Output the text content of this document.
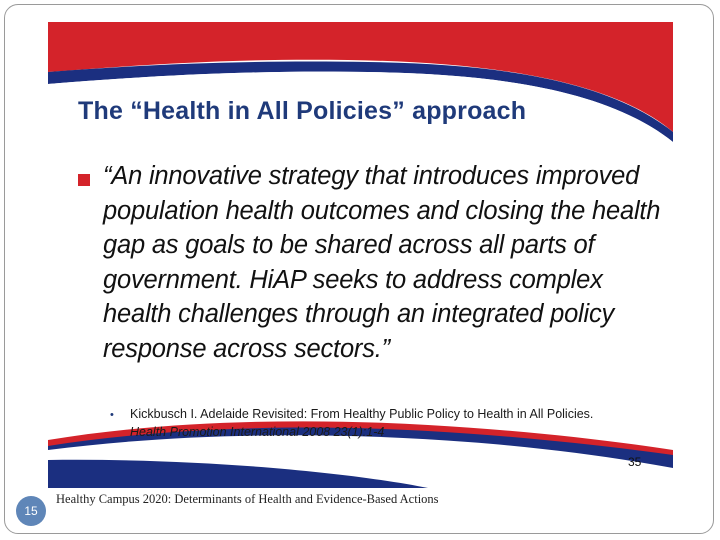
The “Health in All Policies” approach

“An innovative strategy that introduces improved population health outcomes and closing the health gap as goals to be shared across all parts of government. HiAP seeks to address complex health challenges through an integrated policy response across sectors.”

• Kickbusch I. Adelaide Revisited: From Healthy Public Policy to Health in All Policies.
Health Promotion International 2008 23(1):1-4

35
15

Healthy Campus 2020: Determinants of Health and Evidence-Based Actions
